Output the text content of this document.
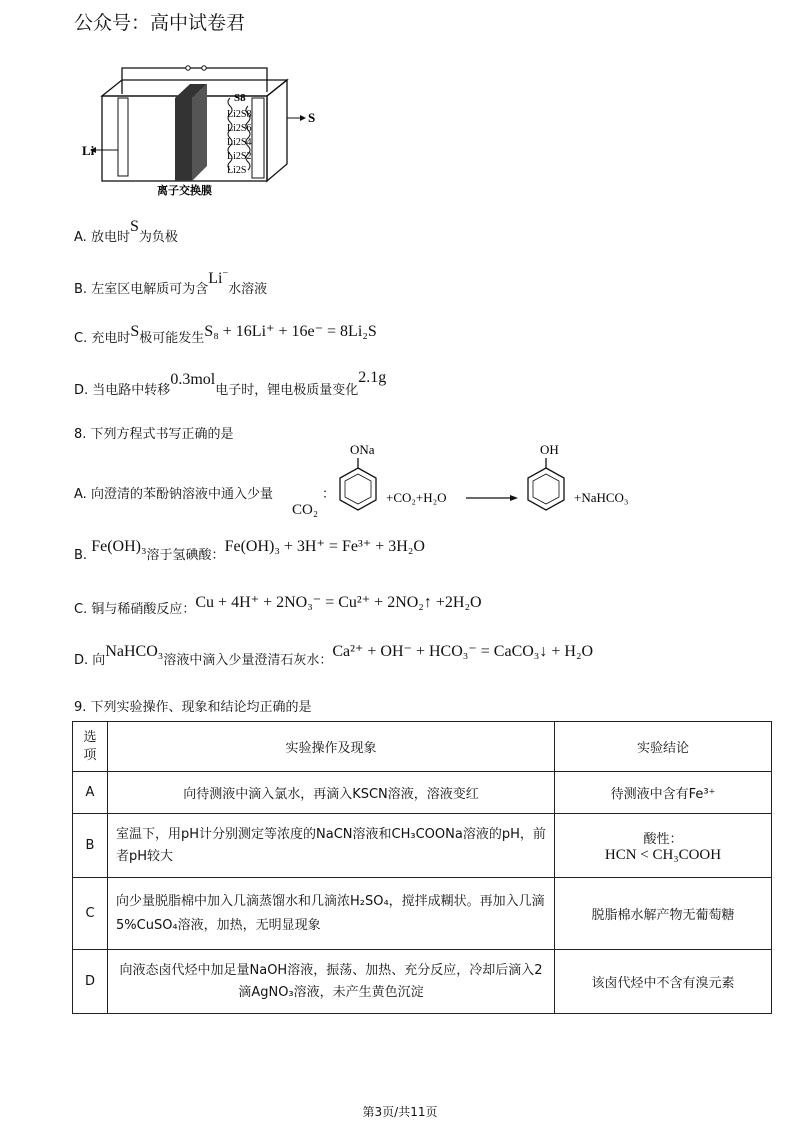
公众号：高中试卷君
Li
S
S8
Li2S8
Li2S6
Li2S4
Li2S2
Li2S
离子交换膜
A. 放电时S为负极
B. 左室区电解质可为含Li−水溶液
C. 充电时S极可能发生S₈ + 16Li⁺ + 16e⁻ = 8Li₂S
D. 当电路中转移0.3mol电子时，锂电极质量变化2.1g
8. 下列方程式书写正确的是
A. 向澄清的苯酚钠溶液中通入少量
CO₂
：
ONa
+CO₂+H₂O
OH
+NaHCO₃
B. Fe(OH)₃溶于氢碘酸：Fe(OH)₃ + 3H⁺ = Fe³⁺ + 3H₂O
C. 铜与稀硝酸反应：Cu + 4H⁺ + 2NO₃⁻ = Cu²⁺ + 2NO₂↑ +2H₂O
D. 向NaHCO₃溶液中滴入少量澄清石灰水：Ca²⁺ + OH⁻ + HCO₃⁻ = CaCO₃↓ + H₂O
9. 下列实验操作、现象和结论均正确的是
选项	实验操作及现象	实验结论
A	向待测液中滴入氯水，再滴入KSCN溶液，溶液变红	待测液中含有Fe³⁺
B	室温下，用pH计分别测定等浓度的NaCN溶液和CH₃COONa溶液的pH，前者pH较大	酸性：
HCN < CH₃COOH

C	向少量脱脂棉中加入几滴蒸馏水和几滴浓H₂SO₄，搅拌成糊状。再加入几滴5%CuSO₄溶液，加热，无明显现象	脱脂棉水解产物无葡萄糖
D	向液态卤代烃中加足量NaOH溶液，振荡、加热、充分反应，冷却后滴入2滴AgNO₃溶液，未产生黄色沉淀	该卤代烃中不含有溴元素
第3页/共11页
